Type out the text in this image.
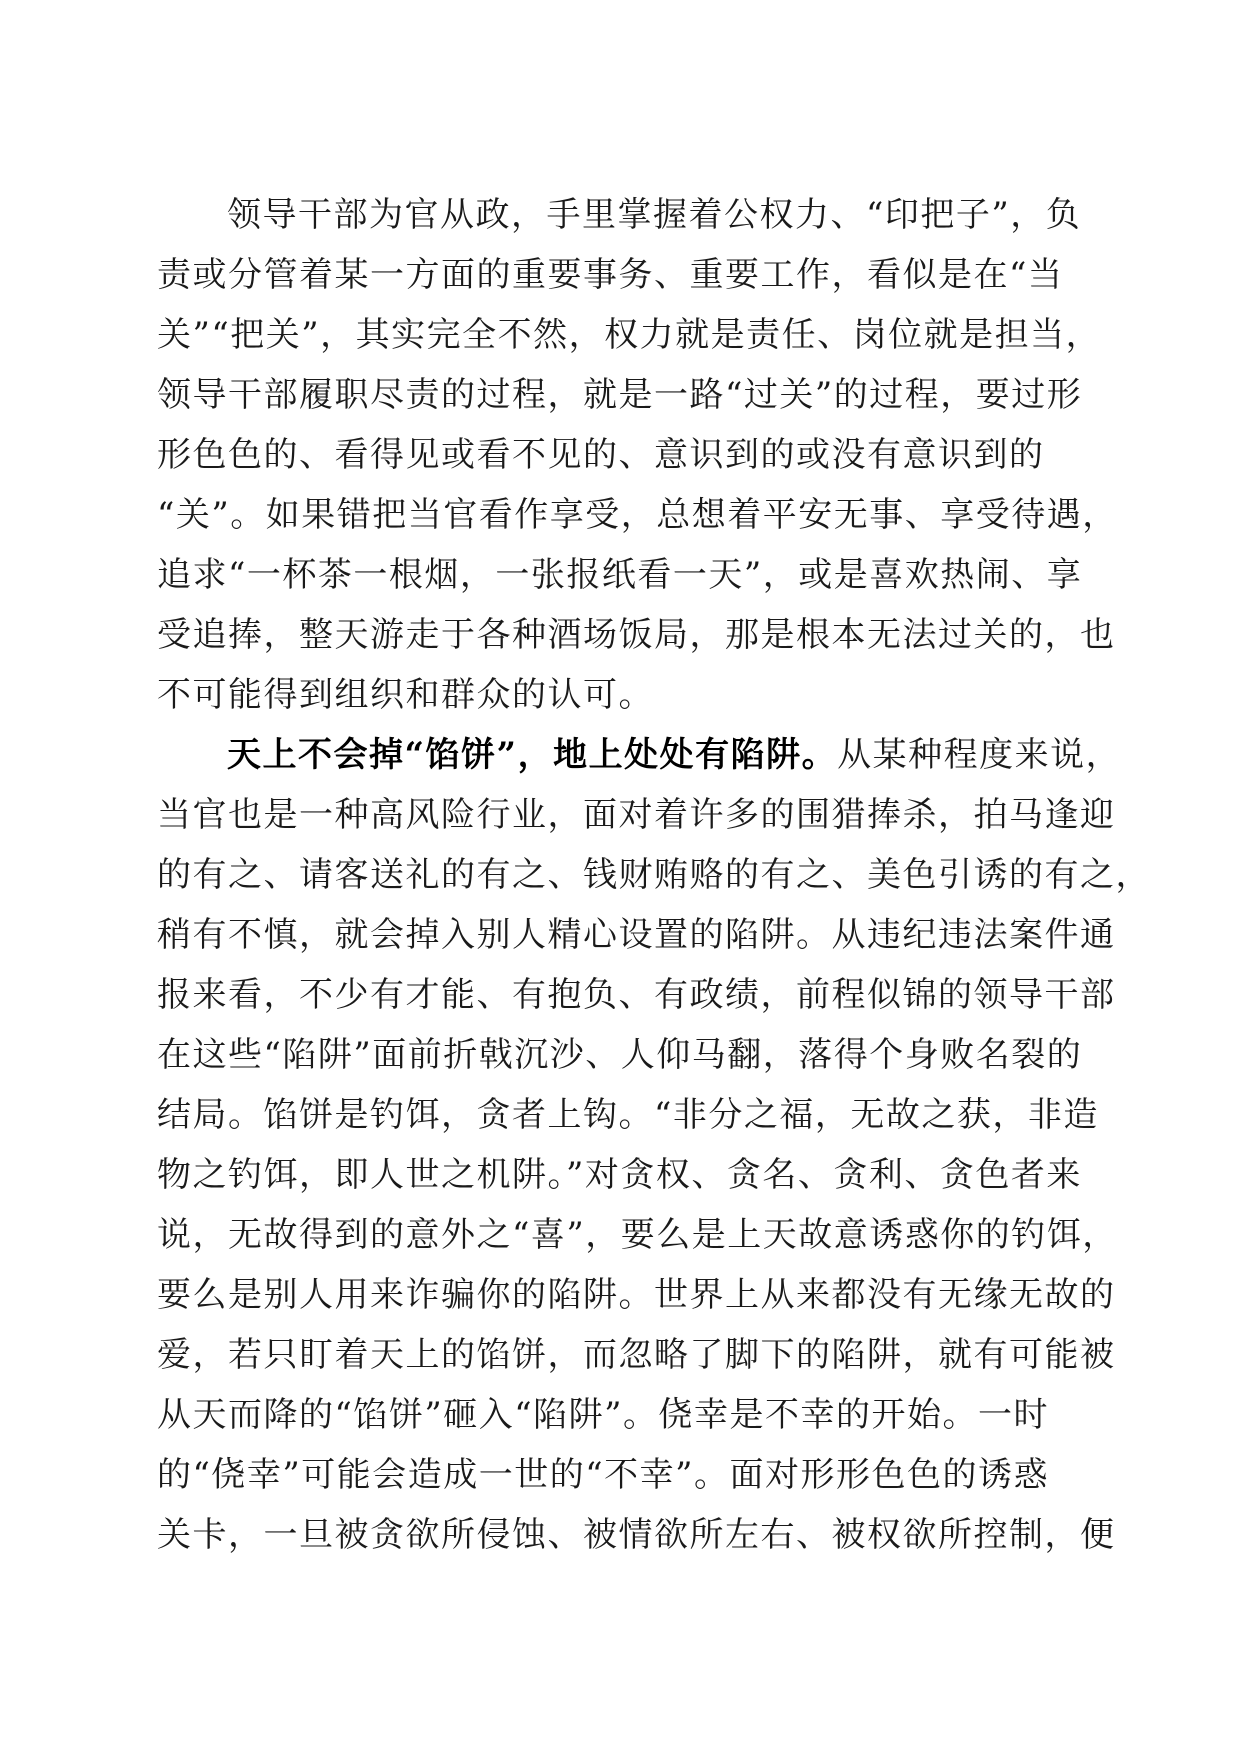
领导干部为官从政，手里掌握着公权力、“印把子”，负
责或分管着某一方面的重要事务、重要工作，看似是在“当
关”“把关”，其实完全不然，权力就是责任、岗位就是担当，
领导干部履职尽责的过程，就是一路“过关”的过程，要过形
形色色的、看得见或看不见的、意识到的或没有意识到的
“关”。如果错把当官看作享受，总想着平安无事、享受待遇，
追求“一杯茶一根烟，一张报纸看一天”，或是喜欢热闹、享
受追捧，整天游走于各种酒场饭局，那是根本无法过关的，也
不可能得到组织和群众的认可。
天上不会掉“馅饼”，地上处处有陷阱。从某种程度来说，
当官也是一种高风险行业，面对着许多的围猎捧杀，拍马逢迎
的有之、请客送礼的有之、钱财贿赂的有之、美色引诱的有之，
稍有不慎，就会掉入别人精心设置的陷阱。从违纪违法案件通
报来看，不少有才能、有抱负、有政绩，前程似锦的领导干部
在这些“陷阱”面前折戟沉沙、人仰马翻，落得个身败名裂的
结局。馅饼是钓饵，贪者上钩。“非分之福，无故之获，非造
物之钓饵，即人世之机阱。”对贪权、贪名、贪利、贪色者来
说，无故得到的意外之“喜”，要么是上天故意诱惑你的钓饵，
要么是别人用来诈骗你的陷阱。世界上从来都没有无缘无故的
爱，若只盯着天上的馅饼，而忽略了脚下的陷阱，就有可能被
从天而降的“馅饼”砸入“陷阱”。侥幸是不幸的开始。一时
的“侥幸”可能会造成一世的“不幸”。面对形形色色的诱惑
关卡，一旦被贪欲所侵蚀、被情欲所左右、被权欲所控制，便
